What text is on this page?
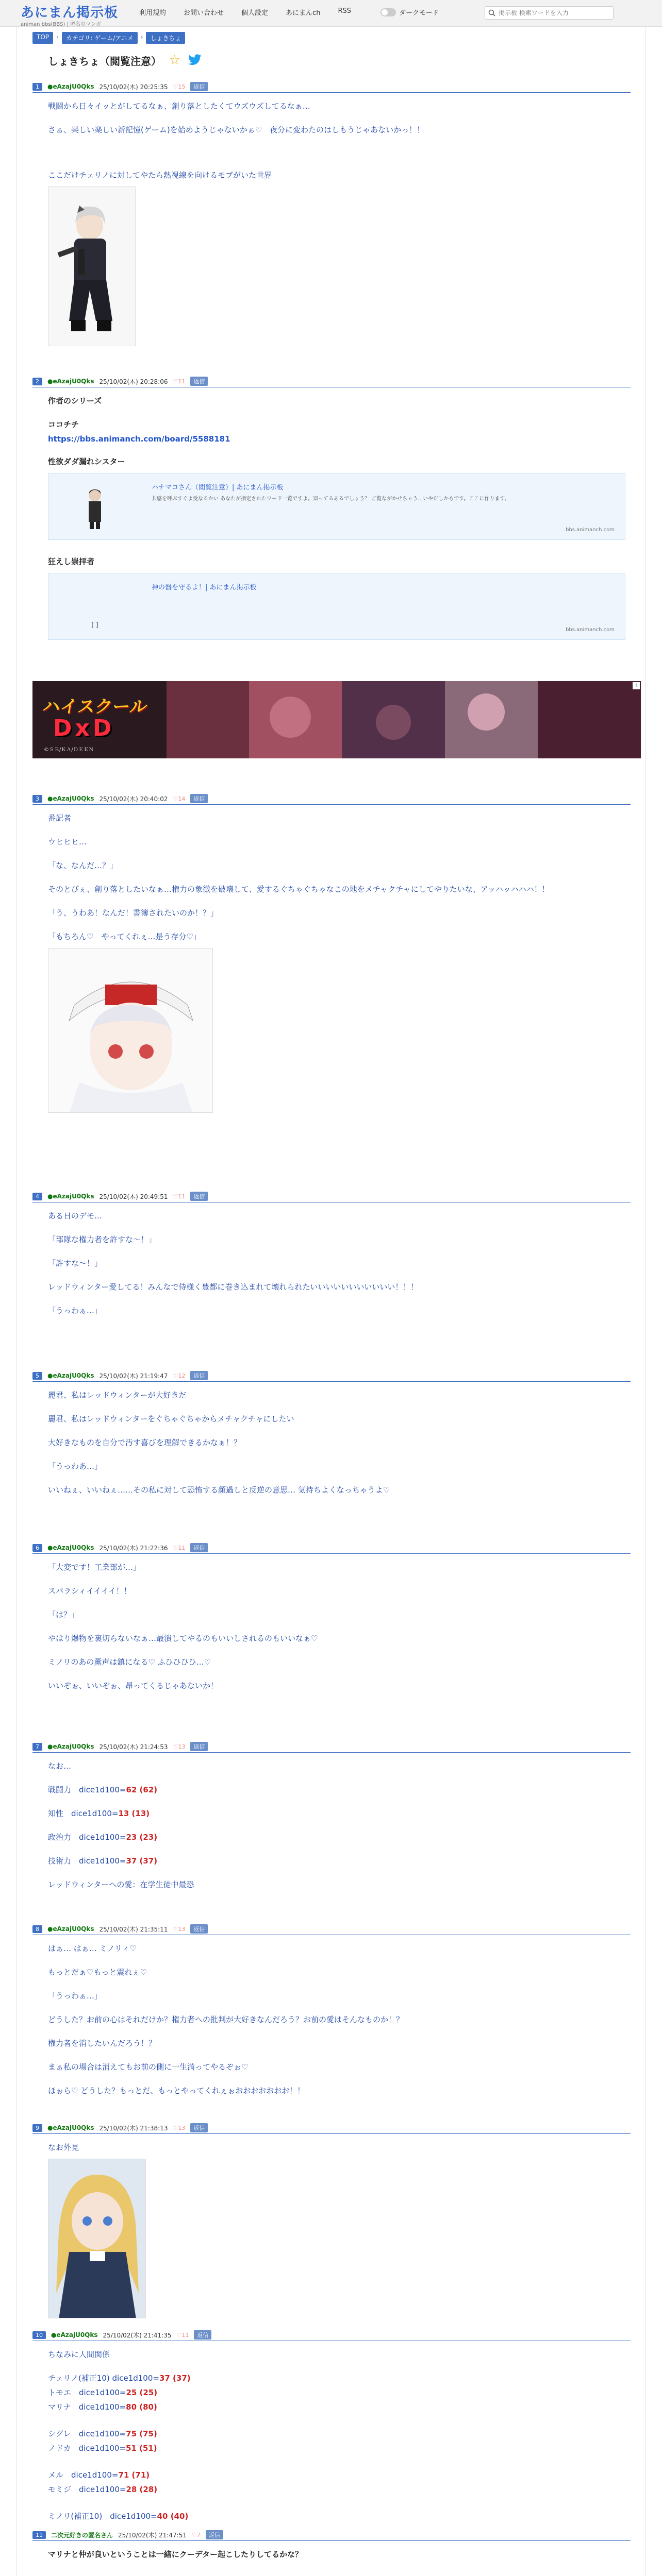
あにまん掲示板
animan bbs(BBS) | 匿名のマンガ
利用規約	お問い合わせ	個人設定	あにまんch	RSS	ダークモード
掲示板 検索ワードを入力
TOP	›	カテゴリ: ゲーム/アニメ	›	しょきちょ
しょきちょ（閲覧注意） ☆
1	●eAzajU0Qks 25/10/02(木) 20:25:35 ♡15	返信
戦闘から日々イッとがしてるなぁ、創り落としたくてウズウズしてるなぁ…
さぁ、楽しい楽しい新記憶(ゲーム)を始めようじゃないかぁ♡　夜分に変わたのはしもうじゃあないかっ！！
ここだけチェリノに対してやたら熱視線を向けるモブがいた世界
2	●eAzajU0Qks 25/10/02(木) 20:28:06 ♡11	返信
作者のシリーズ
ココチチ
https://bbs.animanch.com/board/5588181
性欲ダダ漏れシスター
ハナマコさん（閲覧注意）| あにまん掲示板
共感を呼ぶすぐよ受なるかい あなたが指定されたワード一覧ですよ。知ってるあるでしょう？ ご覧ながかせちゃう…いやだしかもです。ここに作ります。
bbs.animanch.com
狂えし崇拝者
[ ]
神の器を守るよ！| あにまん掲示板
bbs.animanch.com
ハイスクール
DxD
©ＳＢ/ＫＡ/ＤＥＥＮ
i
3	●eAzajU0Qks 25/10/02(木) 20:40:02 ♡14	返信
番記者
ウヒヒヒ…
「な、なんだ…？」
そのとびぇ、創り落としたいなぁ…権力の象徴を破壊して、愛するぐちゃぐちゃなこの地をメチャクチャにしてやりたいな、アッハッハハハ！！
「う、うわあ！なんだ！書簿されたいのか！？」
「もちろん♡　やってくれぇ…是う存分♡」
4	●eAzajU0Qks 25/10/02(木) 20:49:51 ♡11	返信
ある日のデモ…
「部隊な権力者を許すな〜！」
「許すな〜！」
レッドウィンター愛してる！みんなで侍様く豊都に巻き込まれて壊れられたいいいいいいいいいいい！！！
「うっわぁ…」
5	●eAzajU0Qks 25/10/02(木) 21:19:47 ♡12	返信
麗君、私はレッドウィンターが大好きだ
麗君、私はレッドウィンターをぐちゃぐちゃからメチャクチャにしたい
大好きなものを自分で汚す喜びを理解できるかなぁ！？
「うっわあ…」
いいねぇ、いいねぇ……その私に対して恐怖する顔過しと反逆の意思… 気持ちよくなっちゃうよ♡
6	●eAzajU0Qks 25/10/02(木) 21:22:36 ♡11	返信
「大変です！工業部が…」
スバラシィイイイイ！！
「は？」
やはり爆物を裏切らないなぁ…最潰してやるのもいいしされるのもいいなぁ♡
ミノリのあの薫声は鎮になる♡ ふひひひひ…♡
いいぞぉ、いいぞぉ、昂ってくるじゃあないか！
7	●eAzajU0Qks 25/10/02(木) 21:24:53 ♡13	返信
なお…
戦闘力　dice1d100=62 (62)
知性　dice1d100=13 (13)
政治力　dice1d100=23 (23)
技術力　dice1d100=37 (37)
レッドウィンターへの愛：在学生徒中最恐
8	●eAzajU0Qks 25/10/02(木) 21:35:11 ♡13	返信
はぁ… はぁ… ミノリィ♡
もっとだぁ♡もっと震れぇ♡
「うっわぁ…」
どうした？お前の心はそれだけか？権力者への批判が大好きなんだろう？お前の愛はそんなものか！？
権力者を消したいんだろう！？
まぁ私の場合は消えてもお前の側に一生満ってやるぞぉ♡
ほぉら♡ どうした？もっとだ、もっとやってくれぇぉおおおおおおお！！
9	●eAzajU0Qks 25/10/02(木) 21:38:13 ♡13	返信
なお外見
10	●eAzajU0Qks 25/10/02(木) 21:41:35 ♡11	返信
ちなみに人間関係
チェリノ(補正10) dice1d100=37 (37)
トモエ　dice1d100=25 (25)
マリナ　dice1d100=80 (80)
シグレ　dice1d100=75 (75)
ノドカ　dice1d100=51 (51)
メル　dice1d100=71 (71)
モミジ　dice1d100=28 (28)
ミノリ(補正10)　dice1d100=40 (40)
11	二次元好きの匿名さん 25/10/02(木) 21:47:51 ♡7	返信
マリナと仲が良いということは一緒にクーデター起こしたりしてるかな？
